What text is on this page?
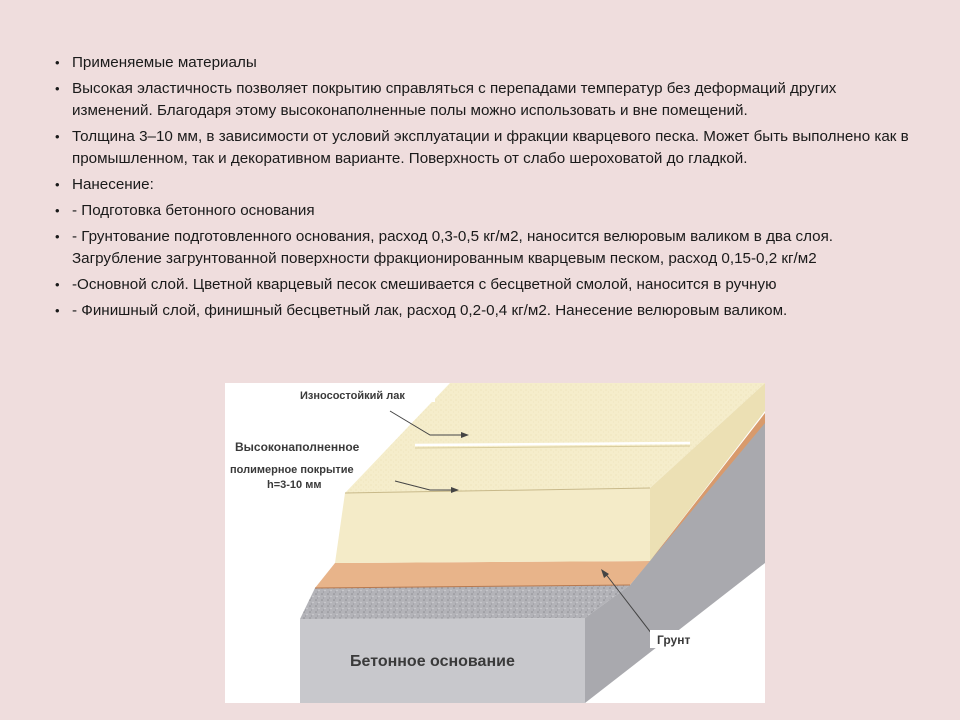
• Применяемые материалы
• Высокая эластичность позволяет покрытию справляться с перепадами температур без деформаций других изменений. Благодаря этому высоконаполненные полы можно использовать и вне помещений.
• Толщина 3–10 мм, в зависимости от условий эксплуатации и фракции кварцевого песка. Может быть выполнено как в промышленном, так и декоративном варианте. Поверхность от слабо шероховатой до гладкой.
• Нанесение:
• - Подготовка бетонного основания
• - Грунтование подготовленного основания, расход 0,3-0,5 кг/м2, наносится велюровым валиком в два слоя. Загрубление загрунтованной поверхности фракционированным кварцевым песком, расход 0,15-0,2 кг/м2
• -Основной слой. Цветной кварцевый песок смешивается с бесцветной смолой, наносится в ручную
• - Финишный слой, финишный бесцветный лак, расход 0,2-0,4 кг/м2. Нанесение велюровым валиком.
Износостойкий лак
Высоконаполненное
полимерное покрытие
h=3-10 мм
Грунт
Бетонное основание
